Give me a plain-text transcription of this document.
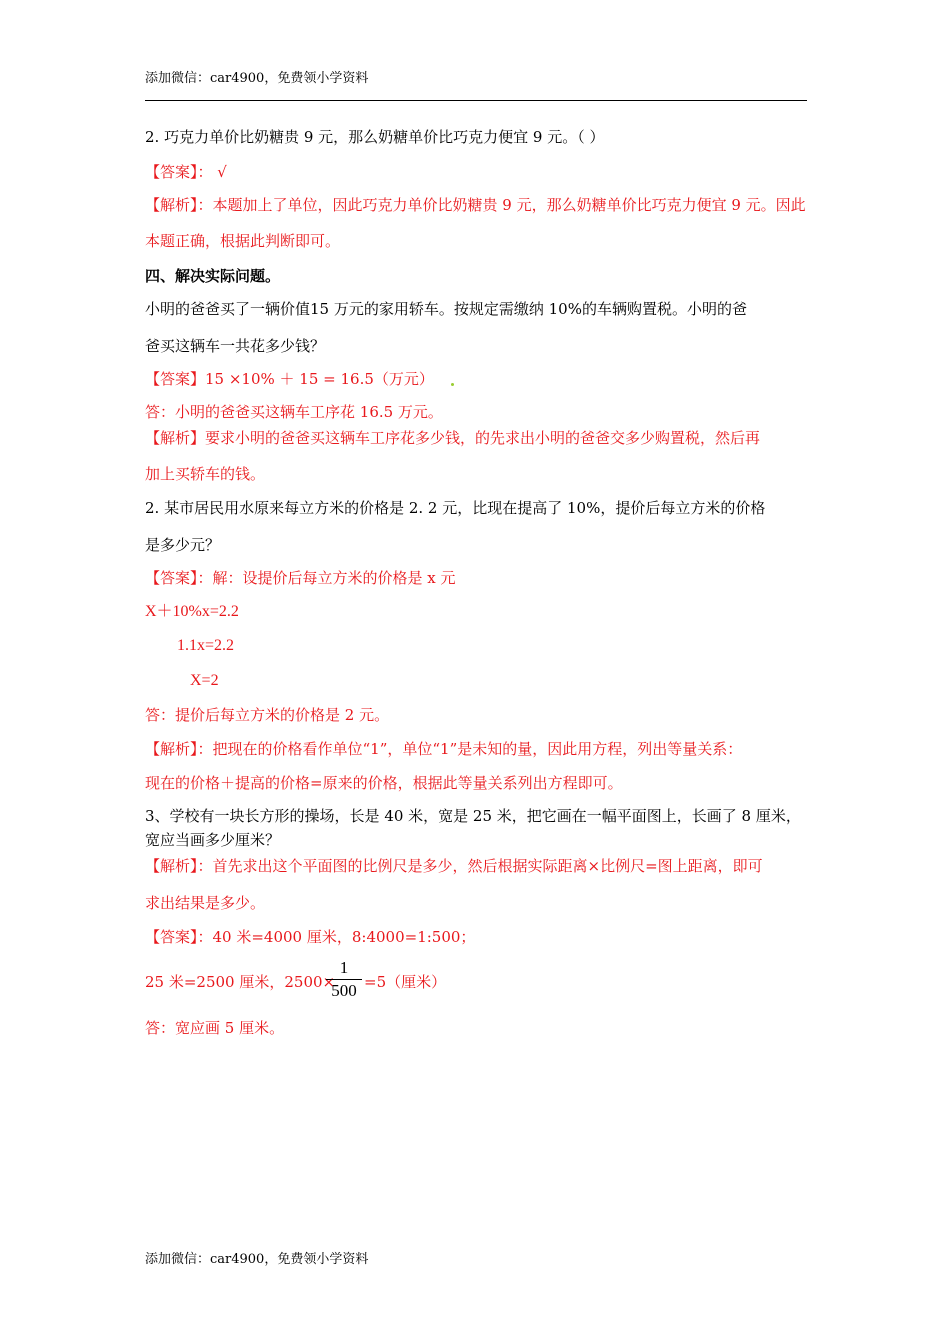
添加微信：car4900，免费领小学资料
2. 巧克力单价比奶糖贵 9 元，那么奶糖单价比巧克力便宜 9 元。（ ）
【答案】： √
【解析】：本题加上了单位，因此巧克力单价比奶糖贵 9 元，那么奶糖单价比巧克力便宜 9 元。因此
本题正确，根据此判断即可。
四、解决实际问题。
小明的爸爸买了一辆价值15 万元的家用轿车。按规定需缴纳 10%的车辆购置税。小明的爸
爸买这辆车一共花多少钱？
【答案】15 ×10% ＋ 15 = 16.5（万元）
答：小明的爸爸买这辆车工序花 16.5 万元。
【解析】要求小明的爸爸买这辆车工序花多少钱，的先求出小明的爸爸交多少购置税，然后再
加上买轿车的钱。
2. 某市居民用水原来每立方米的价格是 2. 2 元，比现在提高了 10%，提价后每立方米的价格
是多少元？
【答案】：解：设提价后每立方米的价格是 x 元
X＋10%x=2.2
1.1x=2.2
X=2
答：提价后每立方米的价格是 2 元。
【解析】：把现在的价格看作单位“1”，单位“1”是未知的量，因此用方程，列出等量关系：
现在的价格＋提高的价格=原来的价格，根据此等量关系列出方程即可。
3、学校有一块长方形的操场，长是 40 米，宽是 25 米，把它画在一幅平面图上，长画了 8 厘米，
宽应当画多少厘米？
【解析】：首先求出这个平面图的比例尺是多少，然后根据实际距离×比例尺=图上距离，即可
求出结果是多少。
【答案】：40 米=4000 厘米，8:4000=1:500；
25 米=2500 厘米，2500×
1
500 =5（厘米）
答：宽应画 5 厘米。
添加微信：car4900，免费领小学资料
